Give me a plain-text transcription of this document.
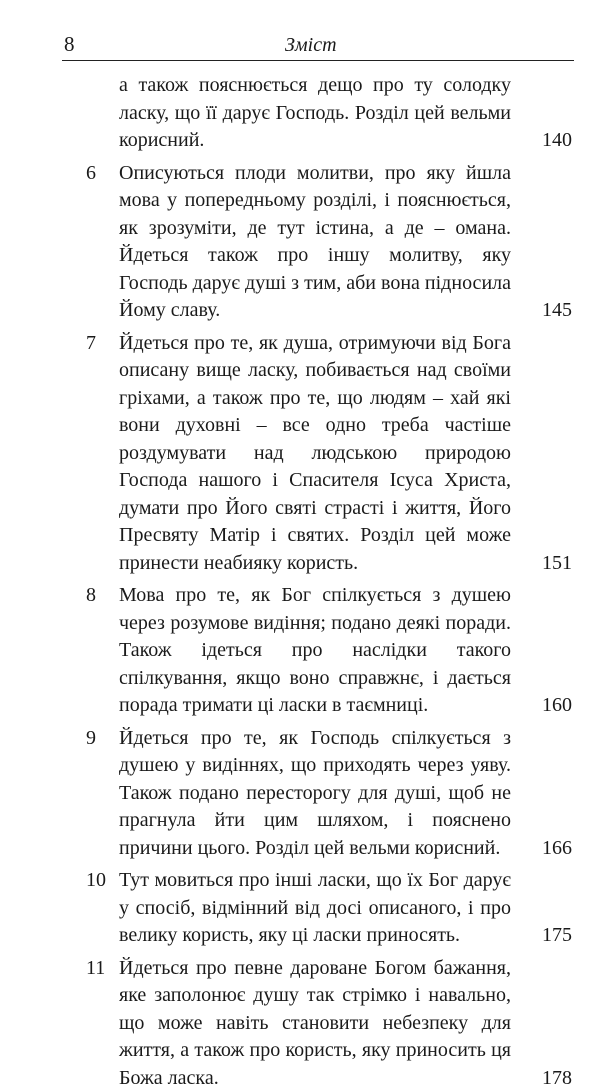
8	Зміст
а також пояснюється дещо про ту солодку ласку, що її дарує Господь. Розділ цей вельми корисний.	140
6	Описуються плоди молитви, про яку йшла мова у попередньому розділі, і пояснюється, як зрозуміти, де тут істина, а де – омана. Йдеться також про іншу молитву, яку Господь дарує душі з тим, аби вона підносила Йому славу.	145
7	Йдеться про те, як душа, отримуючи від Бога описану вище ласку, побивається над своїми гріхами, а також про те, що людям – хай які вони духовні – все одно треба частіше роздумувати над людською природою Господа нашого і Спасителя Ісуса Христа, думати про Його святі страсті і життя, Його Пресвяту Матір і святих. Розділ цей може принести неабияку користь.	151
8	Мова про те, як Бог спілкується з душею через розумове видіння; подано деякі поради. Також ідеться про наслідки такого спілкування, якщо воно справжнє, і дається порада тримати ці ласки в таємниці.	160
9	Йдеться про те, як Господь спілкується з душею у видіннях, що приходять через уяву. Також подано пересторогу для душі, щоб не прагнула йти цим шляхом, і пояснено причини цього. Розділ цей вельми корисний.	166
10 Тут мовиться про інші ласки, що їх Бог дарує у спосіб, відмінний від досі описаного, і про велику користь, яку ці ласки приносять.	175
11 Йдеться про певне дароване Богом бажання, яке заполонює душу так стрімко і навально, що може навіть становити небезпеку для життя, а також про користь, яку приносить ця Божа ласка.	178
